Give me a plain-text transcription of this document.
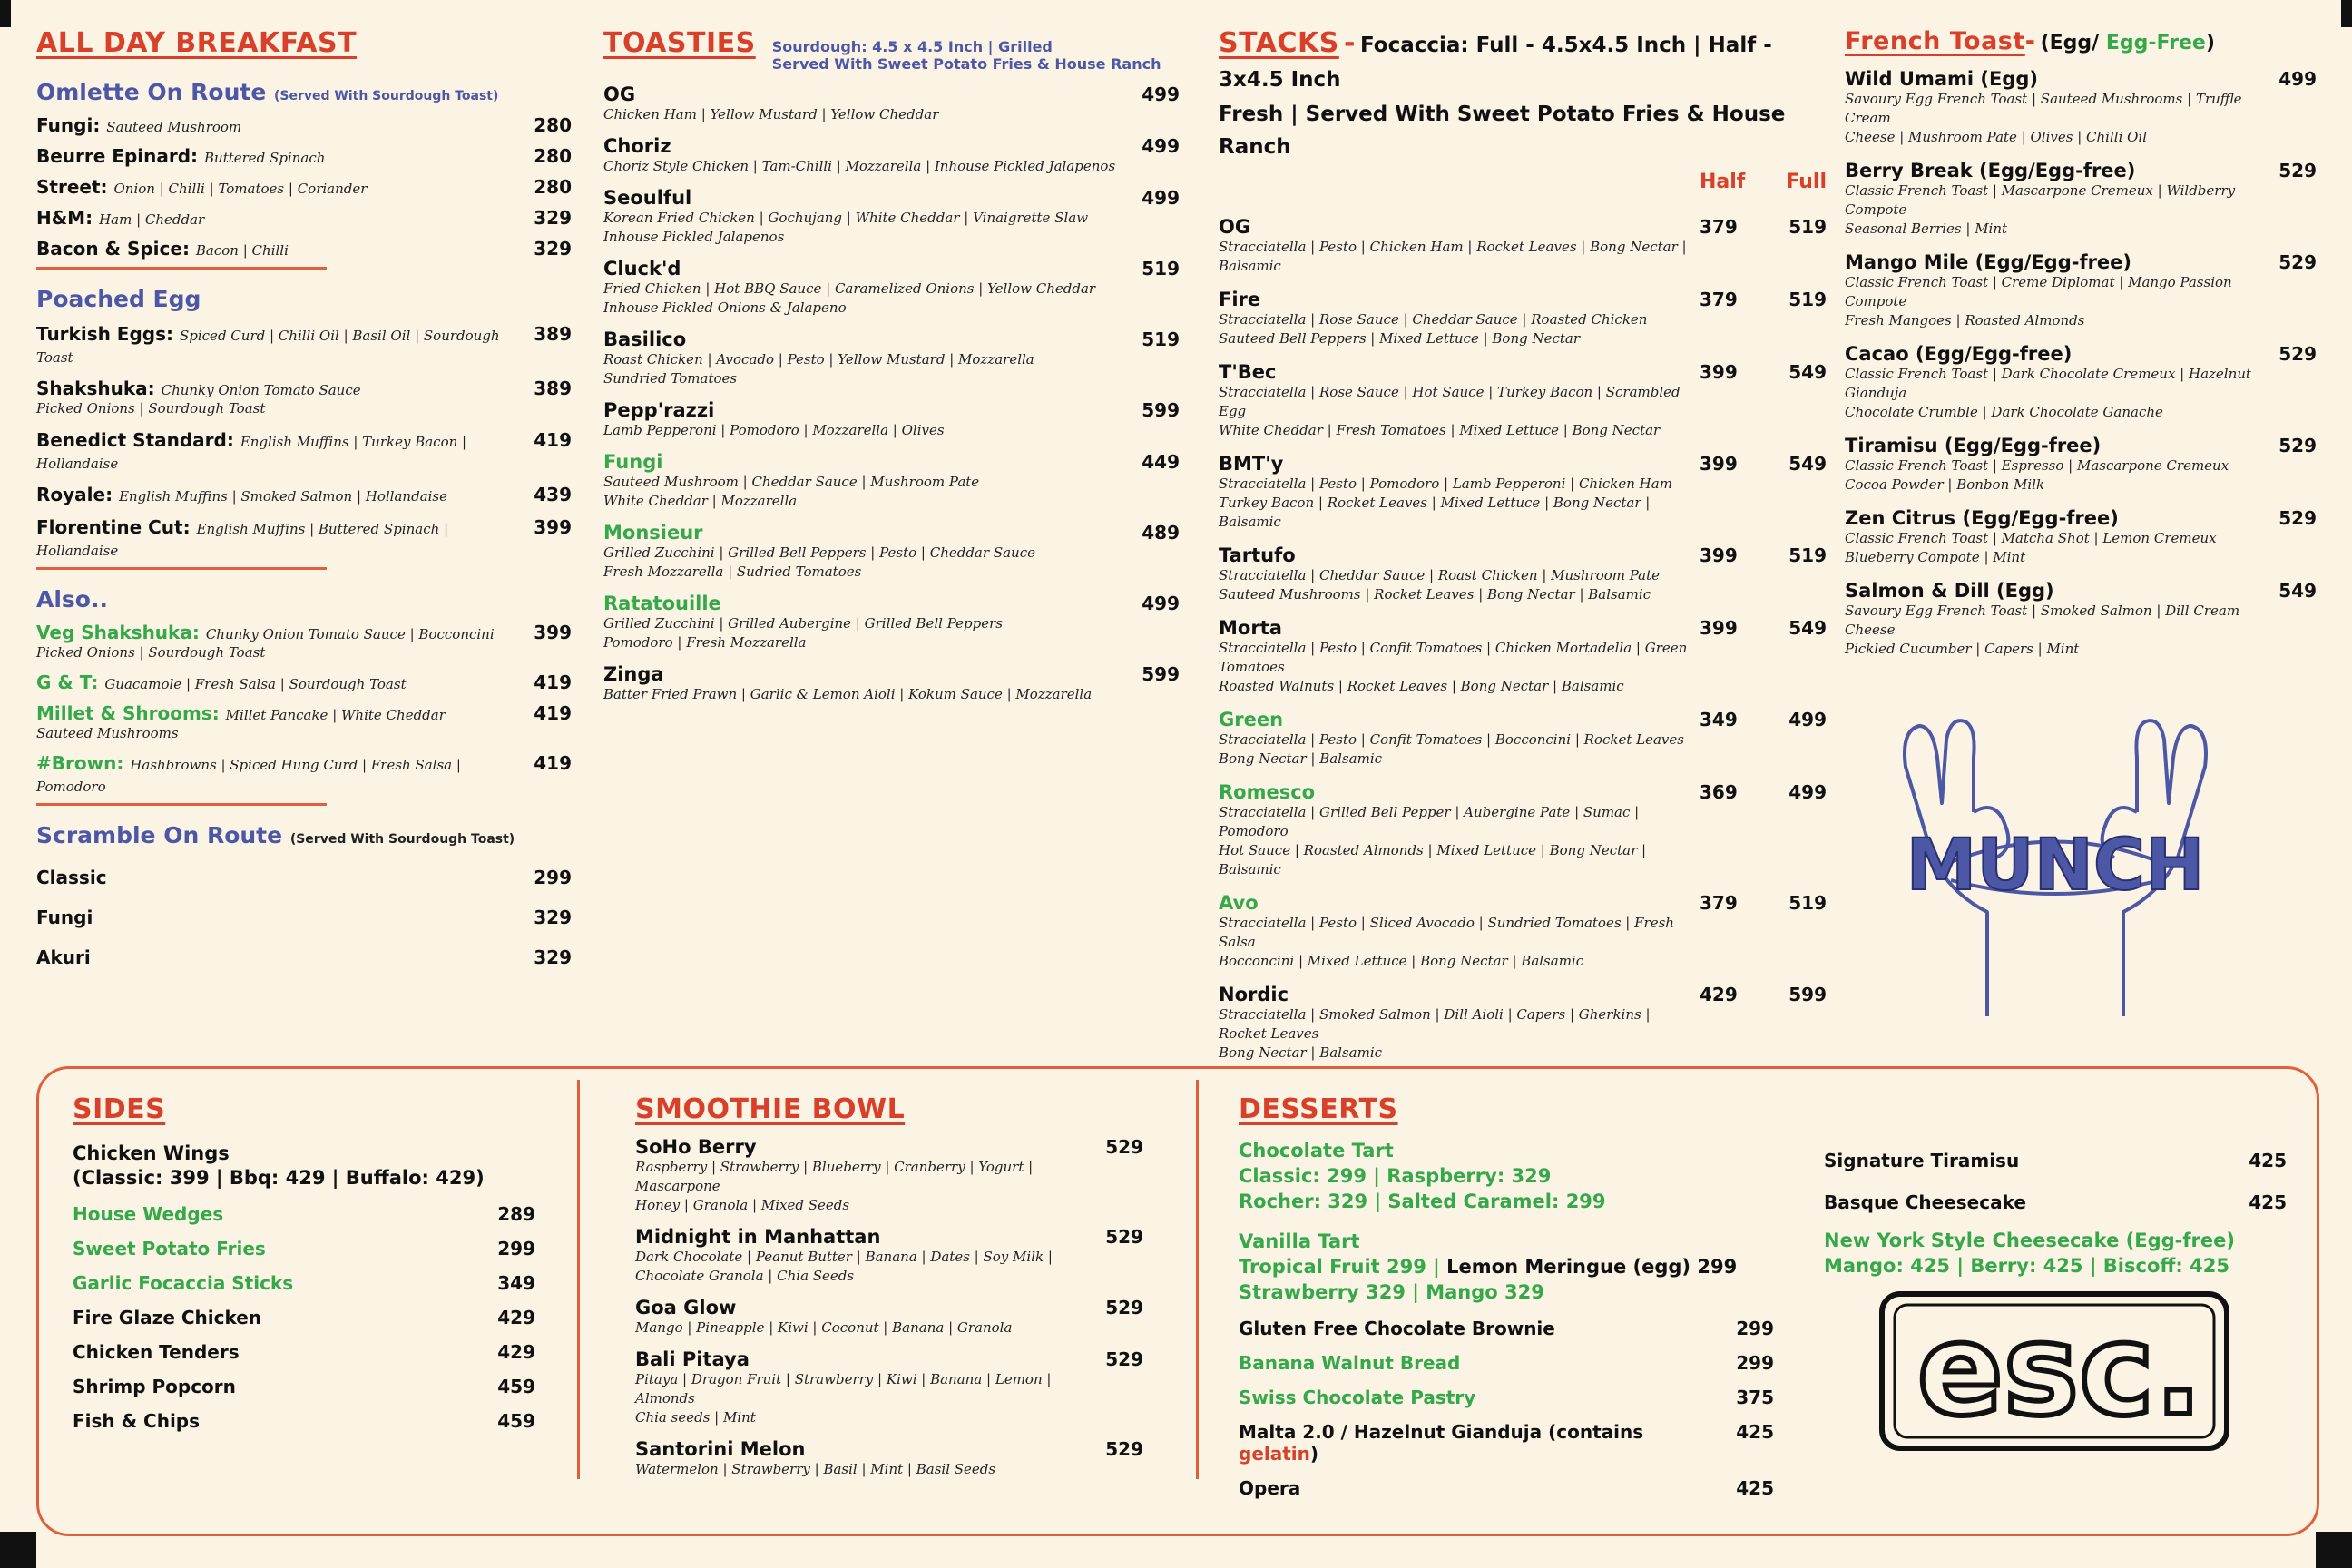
ALL DAY BREAKFAST
Omlette On Route (Served With Sourdough Toast)
Fungi: Sauteed Mushroom	280
Beurre Epinard: Buttered Spinach	280
Street: Onion | Chilli | Tomatoes | Coriander	280
H&M: Ham | Cheddar	329
Bacon & Spice: Bacon | Chilli	329
Poached Egg
Turkish Eggs: Spiced Curd | Chilli Oil | Basil Oil | Sourdough Toast
389
Shakshuka: Chunky Onion Tomato Sauce
Picked Onions | Sourdough Toast
389
Benedict Standard: English Muffins | Turkey Bacon | Hollandaise
419
Royale: English Muffins | Smoked Salmon | Hollandaise	439
Florentine Cut: English Muffins | Buttered Spinach | Hollandaise
399
Also..
Veg Shakshuka: Chunky Onion Tomato Sauce | Bocconcini
Picked Onions | Sourdough Toast
399
G & T: Guacamole | Fresh Salsa | Sourdough Toast	419
Millet & Shrooms: Millet Pancake | White Cheddar
Sauteed Mushrooms
419
#Brown: Hashbrowns | Spiced Hung Curd | Fresh Salsa | Pomodoro
419
Scramble On Route (Served With Sourdough Toast)
Classic	299
Fungi	329
Akuri	329
TOASTIES Sourdough: 4.5 x 4.5 Inch | Grilled
Served With Sweet Potato Fries & House Ranch
OG
Chicken Ham | Yellow Mustard | Yellow Cheddar
499
Choriz
Choriz Style Chicken | Tam-Chilli | Mozzarella | Inhouse Pickled Jalapenos
499
Seoulful
Korean Fried Chicken | Gochujang | White Cheddar | Vinaigrette Slaw
Inhouse Pickled Jalapenos
499
Cluck'd
Fried Chicken | Hot BBQ Sauce | Caramelized Onions | Yellow Cheddar
Inhouse Pickled Onions & Jalapeno
519
Basilico
Roast Chicken | Avocado | Pesto | Yellow Mustard | Mozzarella
Sundried Tomatoes
519
Pepp'razzi
Lamb Pepperoni | Pomodoro | Mozzarella | Olives
599
Fungi
Sauteed Mushroom | Cheddar Sauce | Mushroom Pate
White Cheddar | Mozzarella
449
Monsieur
Grilled Zucchini | Grilled Bell Peppers | Pesto | Cheddar Sauce
Fresh Mozzarella | Sudried Tomatoes
489
Ratatouille
Grilled Zucchini | Grilled Aubergine | Grilled Bell Peppers
Pomodoro | Fresh Mozzarella
499
Zinga
Batter Fried Prawn | Garlic & Lemon Aioli | Kokum Sauce | Mozzarella
599
STACKS - Focaccia: Full - 4.5x4.5 Inch | Half - 3x4.5 Inch
Fresh | Served With Sweet Potato Fries & House Ranch
Half Full
OG
Stracciatella | Pesto | Chicken Ham | Rocket Leaves | Bong Nectar | Balsamic
379	519
Fire
Stracciatella | Rose Sauce | Cheddar Sauce | Roasted Chicken
Sauteed Bell Peppers | Mixed Lettuce | Bong Nectar
379	519
T'Bec
Stracciatella | Rose Sauce | Hot Sauce | Turkey Bacon | Scrambled Egg
White Cheddar | Fresh Tomatoes | Mixed Lettuce | Bong Nectar
399	549
BMT'y
Stracciatella | Pesto | Pomodoro | Lamb Pepperoni | Chicken Ham
Turkey Bacon | Rocket Leaves | Mixed Lettuce | Bong Nectar | Balsamic
399	549
Tartufo
Stracciatella | Cheddar Sauce | Roast Chicken | Mushroom Pate
Sauteed Mushrooms | Rocket Leaves | Bong Nectar | Balsamic
399	519
Morta
Stracciatella | Pesto | Confit Tomatoes | Chicken Mortadella | Green Tomatoes
Roasted Walnuts | Rocket Leaves | Bong Nectar | Balsamic
399	549
Green
Stracciatella | Pesto | Confit Tomatoes | Bocconcini | Rocket Leaves
Bong Nectar | Balsamic
349	499
Romesco
Stracciatella | Grilled Bell Pepper | Aubergine Pate | Sumac | Pomodoro
Hot Sauce | Roasted Almonds | Mixed Lettuce | Bong Nectar | Balsamic
369	499
Avo
Stracciatella | Pesto | Sliced Avocado | Sundried Tomatoes | Fresh Salsa
Bocconcini | Mixed Lettuce | Bong Nectar | Balsamic
379	519
Nordic
Stracciatella | Smoked Salmon | Dill Aioli | Capers | Gherkins | Rocket Leaves
Bong Nectar | Balsamic
429	599
French Toast- (Egg/ Egg-Free)
Wild Umami (Egg)
Savoury Egg French Toast | Sauteed Mushrooms | Truffle Cream
Cheese | Mushroom Pate | Olives | Chilli Oil
499
Berry Break (Egg/Egg-free)
Classic French Toast | Mascarpone Cremeux | Wildberry Compote
Seasonal Berries | Mint
529
Mango Mile (Egg/Egg-free)
Classic French Toast | Creme Diplomat | Mango Passion Compote
Fresh Mangoes | Roasted Almonds
529
Cacao (Egg/Egg-free)
Classic French Toast | Dark Chocolate Cremeux | Hazelnut Gianduja
Chocolate Crumble | Dark Chocolate Ganache
529
Tiramisu (Egg/Egg-free)
Classic French Toast | Espresso | Mascarpone Cremeux
Cocoa Powder | Bonbon Milk
529
Zen Citrus (Egg/Egg-free)
Classic French Toast | Matcha Shot | Lemon Cremeux
Blueberry Compote | Mint
529
Salmon & Dill (Egg)
Savoury Egg French Toast | Smoked Salmon | Dill Cream Cheese
Pickled Cucumber | Capers | Mint
549
MUNCH
SIDES
Chicken Wings
(Classic: 399 | Bbq: 429 | Buffalo: 429)
House Wedges	289
Sweet Potato Fries	299
Garlic Focaccia Sticks	349
Fire Glaze Chicken	429
Chicken Tenders	429
Shrimp Popcorn	459
Fish & Chips	459
SMOOTHIE BOWL
SoHo Berry
Raspberry | Strawberry | Blueberry | Cranberry | Yogurt | Mascarpone
Honey | Granola | Mixed Seeds
529
Midnight in Manhattan
Dark Chocolate | Peanut Butter | Banana | Dates | Soy Milk |
Chocolate Granola | Chia Seeds
529
Goa Glow
Mango | Pineapple | Kiwi | Coconut | Banana | Granola
529
Bali Pitaya
Pitaya | Dragon Fruit | Strawberry | Kiwi | Banana | Lemon | Almonds
Chia seeds | Mint
529
Santorini Melon
Watermelon | Strawberry | Basil | Mint | Basil Seeds
529
DESSERTS
Chocolate Tart
Classic: 299 | Raspberry: 329
Rocher: 329 | Salted Caramel: 299
Vanilla Tart
Tropical Fruit 299 | Lemon Meringue (egg) 299
Strawberry 329 | Mango 329
Gluten Free Chocolate Brownie	299
Banana Walnut Bread	299
Swiss Chocolate Pastry	375
Malta 2.0 / Hazelnut Gianduja (contains gelatin)
425
Opera	425
Signature Tiramisu	425
Basque Cheesecake	425
New York Style Cheesecake (Egg-free)
Mango: 425 | Berry: 425 | Biscoff: 425
esc.
